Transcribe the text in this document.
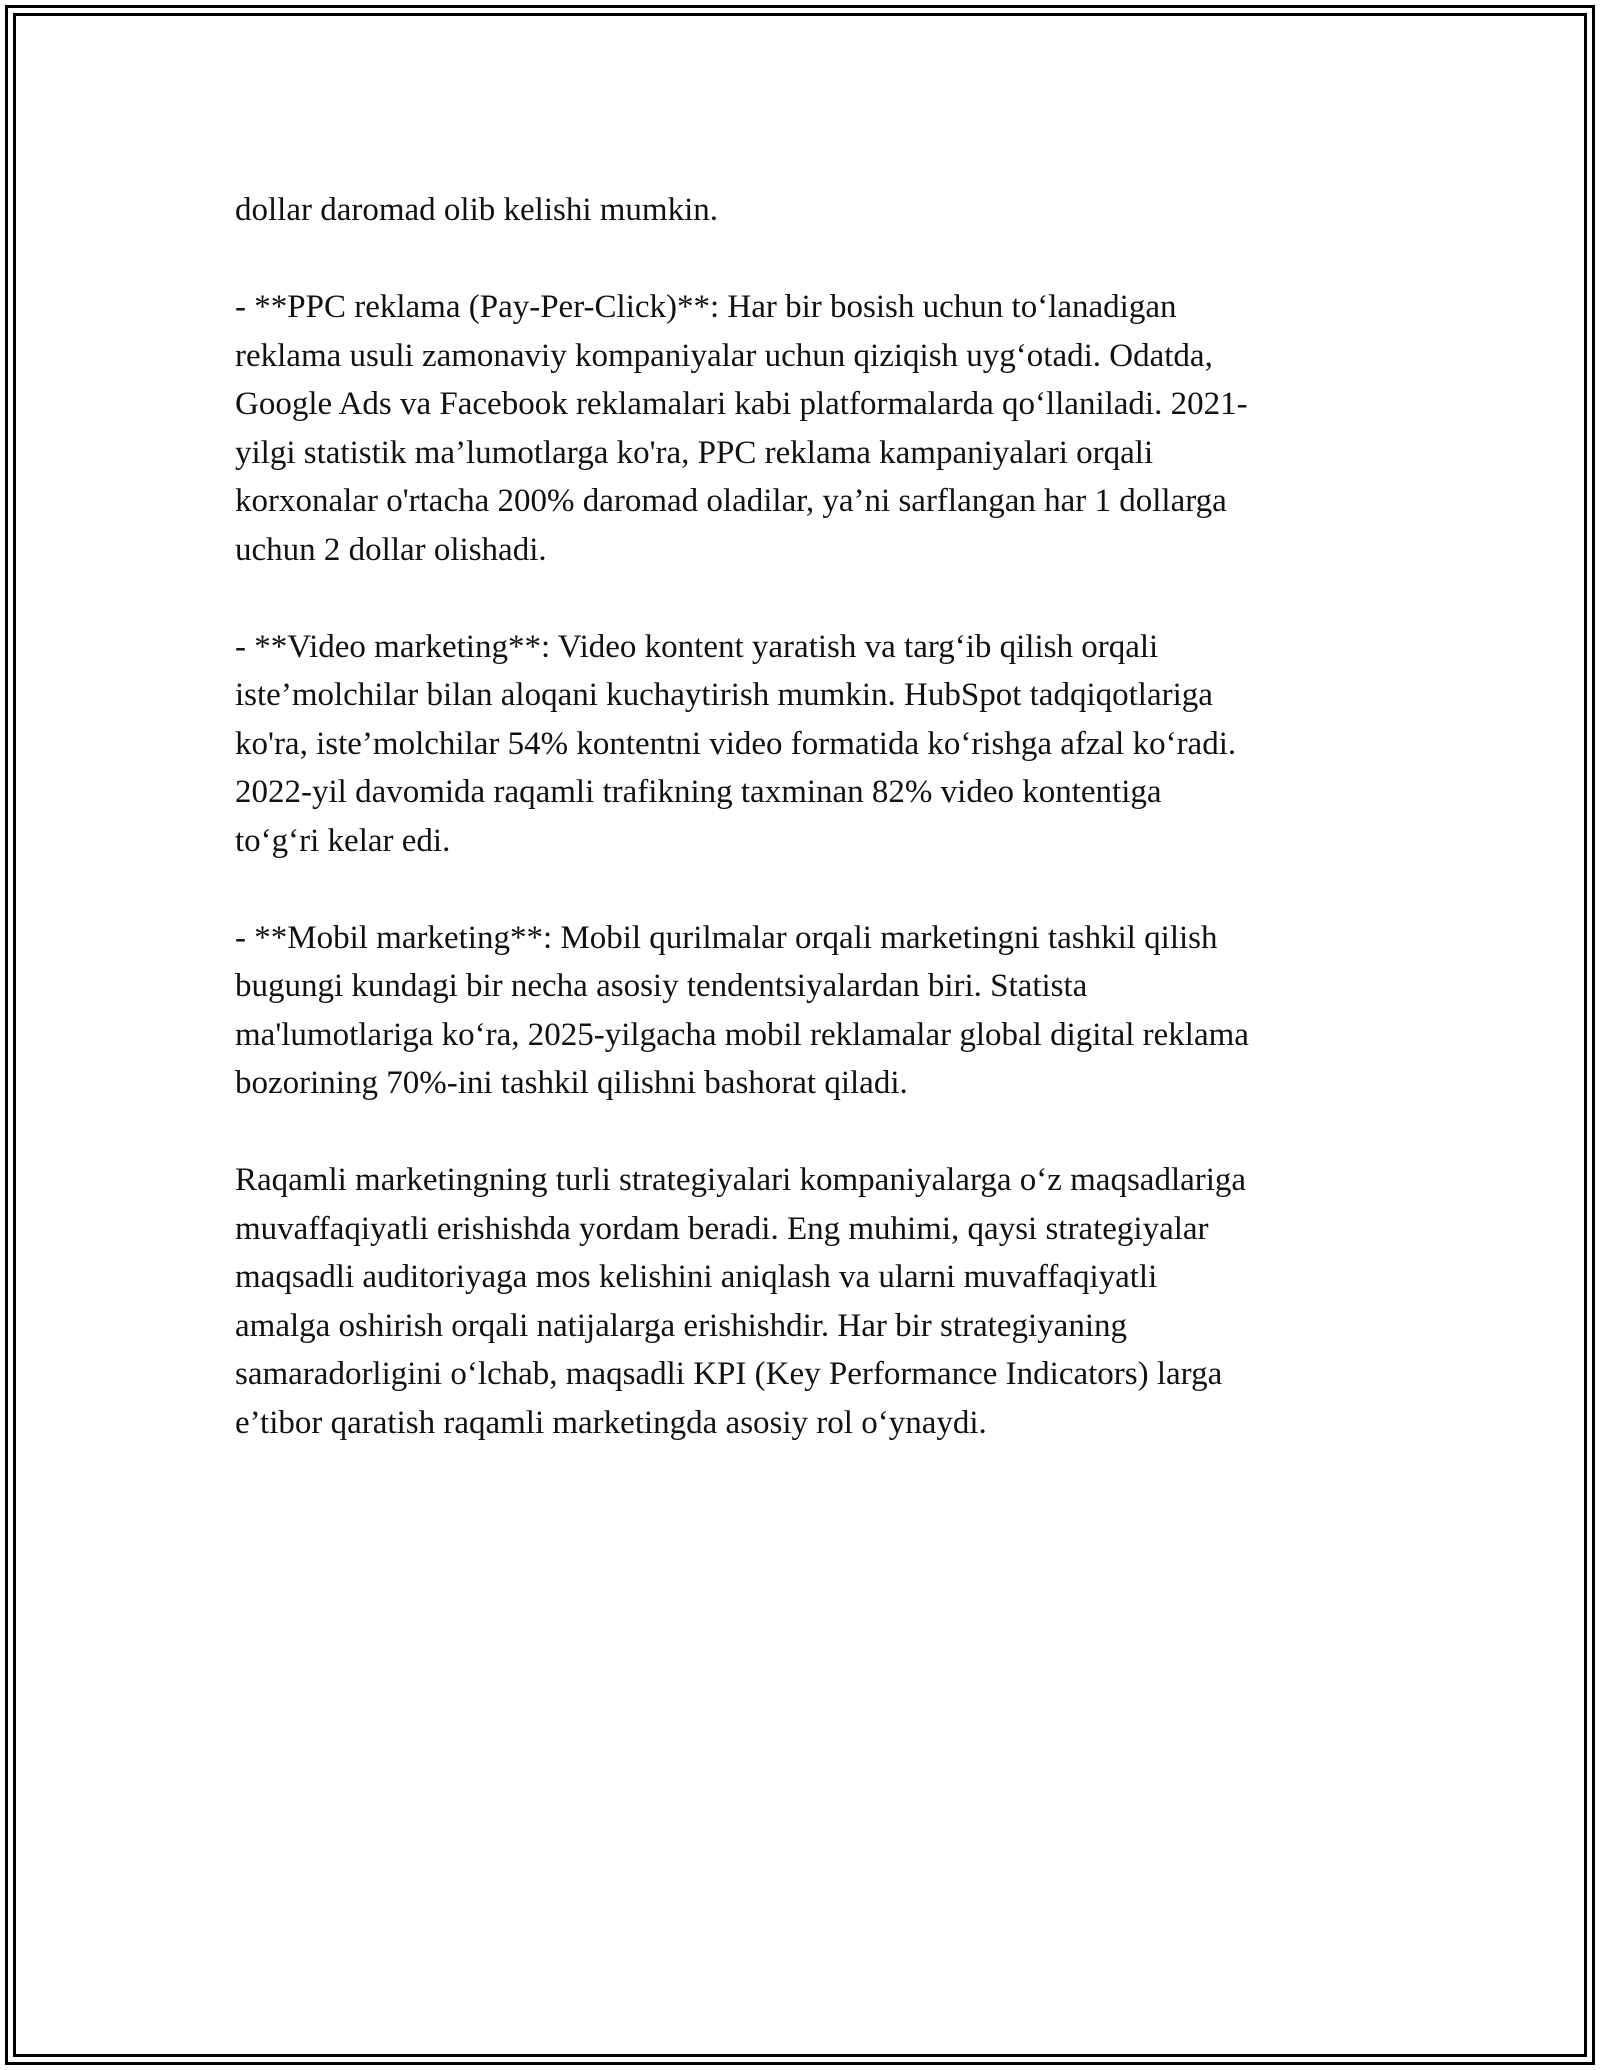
dollar daromad olib kelishi mumkin.

- **PPC reklama (Pay-Per-Click)**: Har bir bosish uchun to‘lanadigan
reklama usuli zamonaviy kompaniyalar uchun qiziqish uyg‘otadi. Odatda,
Google Ads va Facebook reklamalari kabi platformalarda qo‘llaniladi. 2021-
yilgi statistik ma’lumotlarga ko'ra, PPC reklama kampaniyalari orqali
korxonalar o'rtacha 200% daromad oladilar, ya’ni sarflangan har 1 dollarga
uchun 2 dollar olishadi.

- **Video marketing**: Video kontent yaratish va targ‘ib qilish orqali
iste’molchilar bilan aloqani kuchaytirish mumkin. HubSpot tadqiqotlariga
ko'ra, iste’molchilar 54% kontentni video formatida ko‘rishga afzal ko‘radi.
2022-yil davomida raqamli trafikning taxminan 82% video kontentiga
to‘g‘ri kelar edi.

- **Mobil marketing**: Mobil qurilmalar orqali marketingni tashkil qilish
bugungi kundagi bir necha asosiy tendentsiyalardan biri. Statista
ma'lumotlariga ko‘ra, 2025-yilgacha mobil reklamalar global digital reklama
bozorining 70%-ini tashkil qilishni bashorat qiladi.

Raqamli marketingning turli strategiyalari kompaniyalarga o‘z maqsadlariga
muvaffaqiyatli erishishda yordam beradi. Eng muhimi, qaysi strategiyalar
maqsadli auditoriyaga mos kelishini aniqlash va ularni muvaffaqiyatli
amalga oshirish orqali natijalarga erishishdir. Har bir strategiyaning
samaradorligini o‘lchab, maqsadli KPI (Key Performance Indicators) larga
e’tibor qaratish raqamli marketingda asosiy rol o‘ynaydi.
